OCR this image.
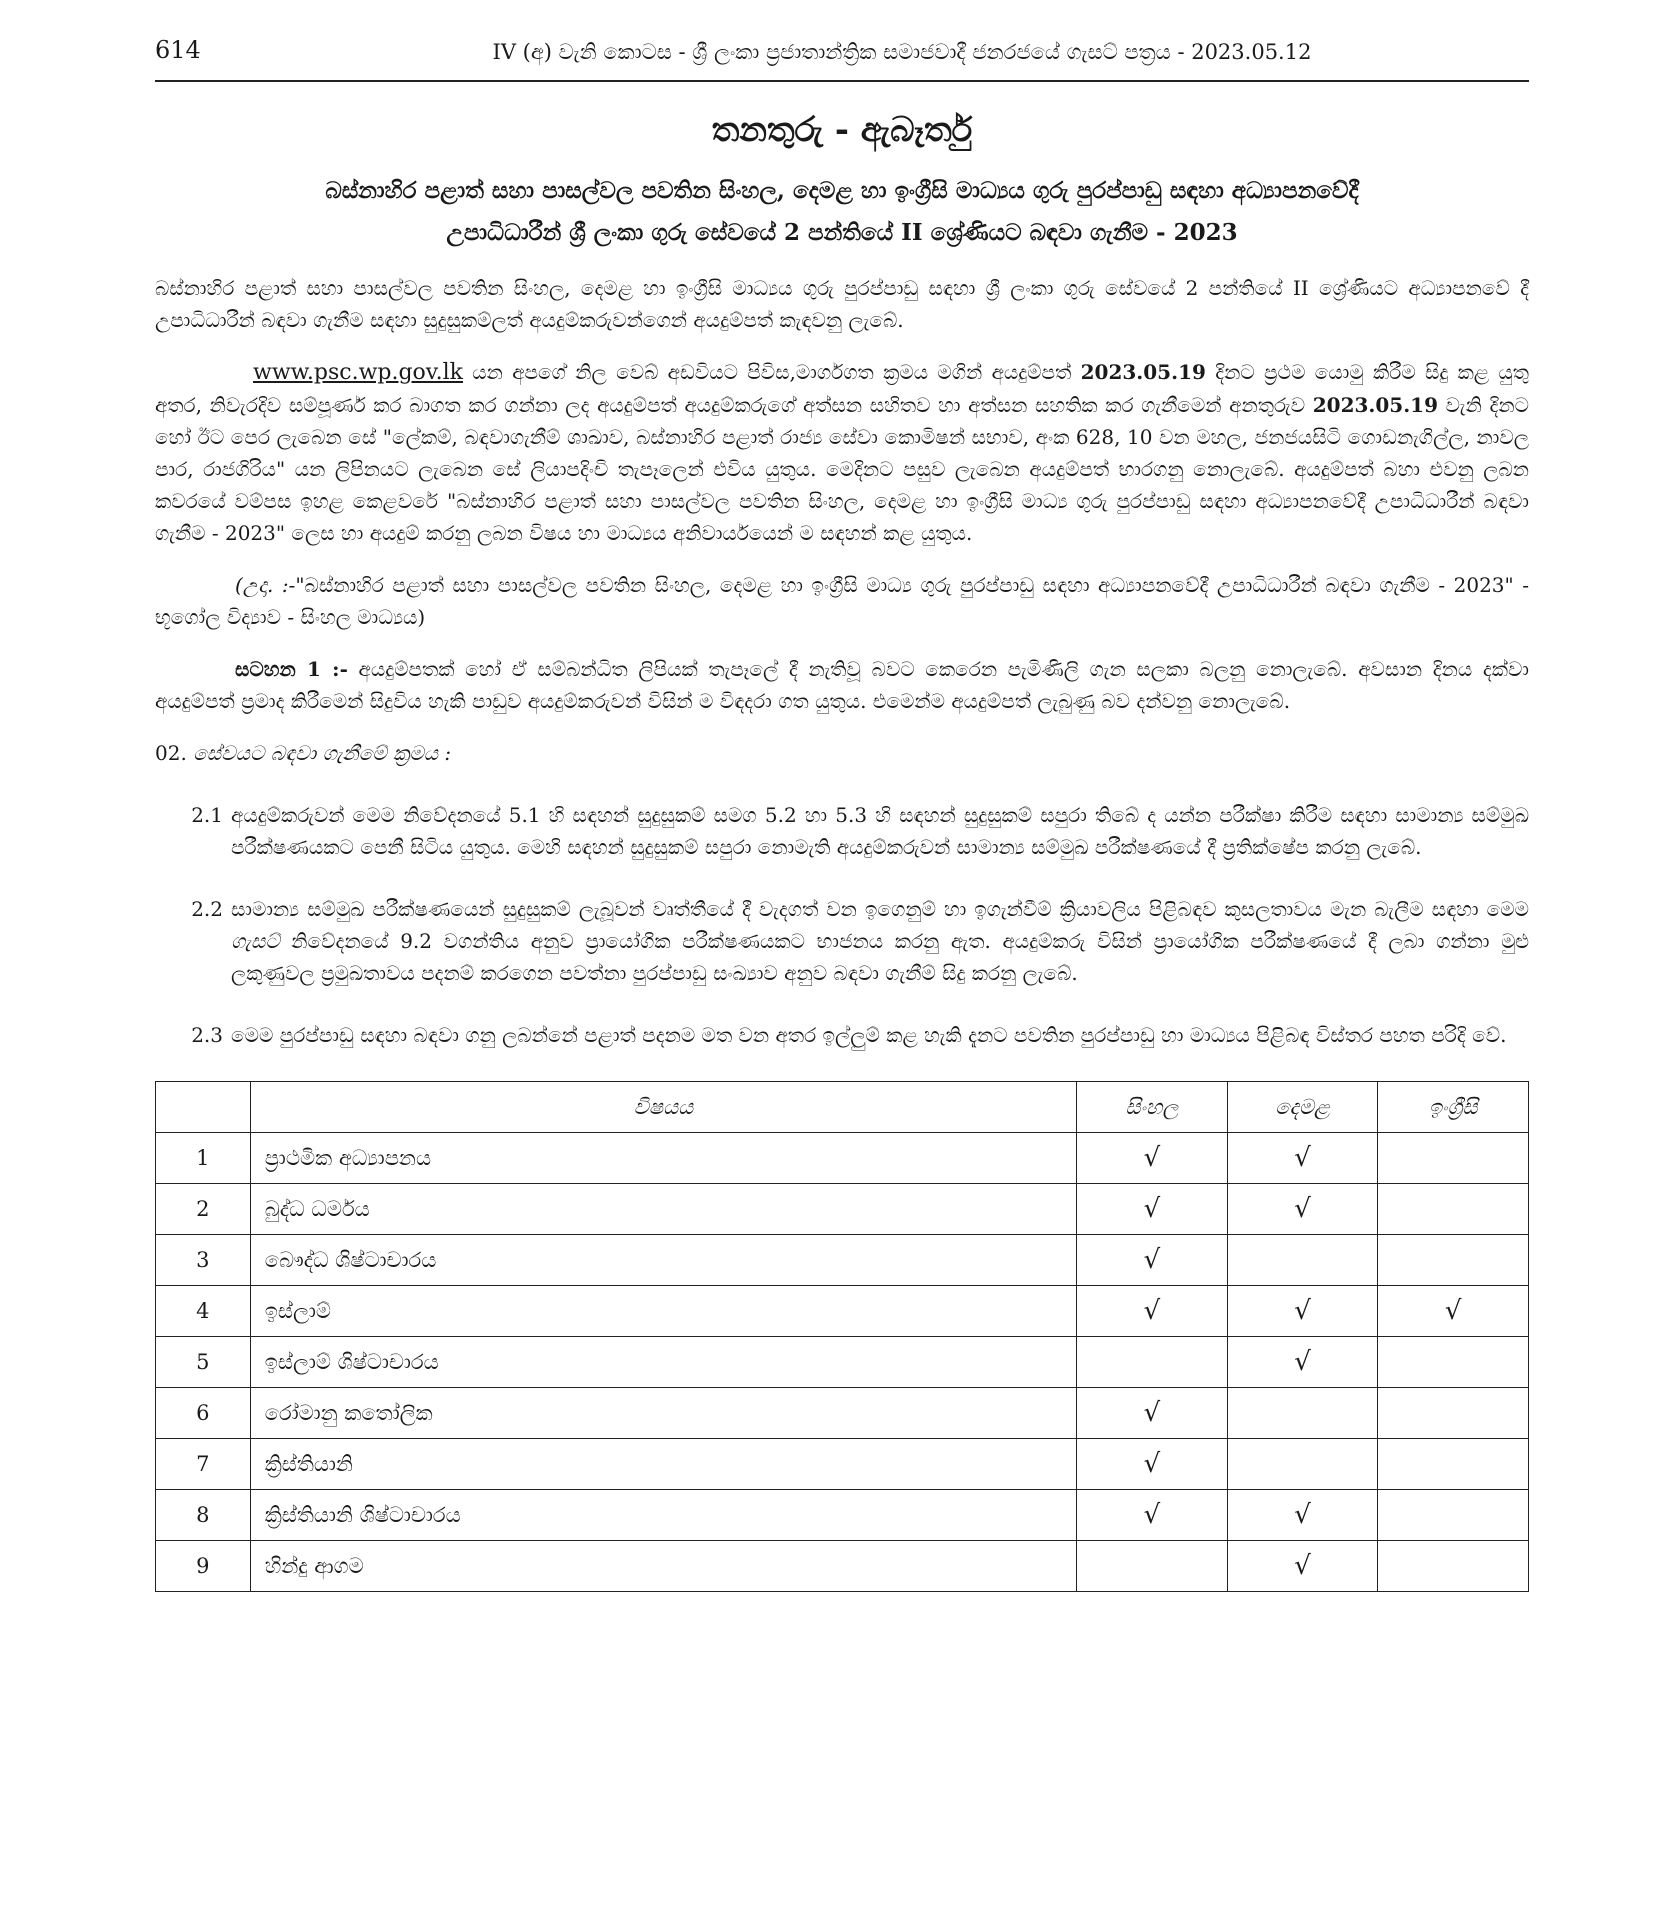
614	IV (අ) වැනි කොටස - ශ්‍රී ලංකා ප්‍රජාතාන්ත්‍රික සමාජවාදී ජනරජයේ ගැසට් පත්‍රය - 2023.05.12
තනතුරු - ඇබෑර්තු
බස්නාහිර පළාත් සහා පාසල්වල පවතින සිංහල, දෙමළ හා ඉංග්‍රීසි මාධ්‍යය ගුරු පුරප්පාඩු සඳහා අධ්‍යාපනවේදී
උපාධිධාරීන් ශ්‍රී ලංකා ගුරු සේවයේ 2 පන්තියේ II ශ්‍රේණියට බඳවා ගැනීම - 2023

බස්නාහිර පළාත් සහා පාසල්වල පවතින සිංහල, දෙමළ හා ඉංග්‍රීසි මාධ්‍යය ගුරු පුරප්පාඩු සඳහා ශ්‍රී ලංකා ගුරු සේවයේ 2 පන්තියේ II ශ්‍රේණියට අධ්‍යාපනවේ දී උපාධිධාරීන් බඳවා ගැනීම සඳහා සුදුසුකම්ලත් අයදුම්කරුවන්ගෙන් අයදුම්පත් කැඳවනු ලැබේ.

www.psc.wp.gov.lk යන අපගේ නිල වෙබ් අඩවියට පිවිස,මාර්ගගත ක්‍රමය මගින් අයදුම්පත් 2023.05.19 දිනට ප්‍රථම යොමු කිරීම සිදු කළ යුතු අතර, නිවැරදිව සම්පූර්ණ කර බාගත කර ගන්නා ලද අයදුම්පත් අයදුම්කරුගේ අත්සන සහිතව හා අත්සන සහතික කර ගැනීමෙන් අනතුරුව 2023.05.19 වැනි දිනට හෝ ඊට පෙර ලැබෙන සේ "ලේකම්, බඳවාගැනීම් ශාඛාව, බස්නාහිර පළාත් රාජ්‍ය සේවා කොමිෂන් සභාව, අංක 628, 10 වන මහල, ජනජයසිටි ගොඩනැගිල්ල, නාවල පාර, රාජගිරිය" යන ලිපිනයට ලැබෙන සේ ලියාපදිංචි තැපෑලෙන් එවිය යුතුය. මෙදිනට පසුව ලැබෙන අයදුම්පත් භාරගනු නොලැබේ. අයදුම්පත් බහා එවනු ලබන කවරයේ වම්පස ඉහළ කෙළවරේ "බස්නාහිර පළාත් සහා පාසල්වල පවතින සිංහල, දෙමළ හා ඉංග්‍රීසි මාධ්‍ය ගුරු පුරප්පාඩු සඳහා අධ්‍යාපනවේදී උපාධිධාරීන් බඳවා ගැනීම - 2023" ලෙස හා අයදුම් කරනු ලබන විෂය හා මාධ්‍යය අනිවාර්යයෙන් ම සඳහන් කළ යුතුය.

(උදා. :-"බස්නාහිර පළාත් සහා පාසල්වල පවතින සිංහල, දෙමළ හා ඉංග්‍රීසි මාධ්‍ය ගුරු පුරප්පාඩු සඳහා අධ්‍යාපනවේදී උපාධිධාරීන් බඳවා ගැනීම - 2023" - භූගෝල විද්‍යාව - සිංහල මාධ්‍යය)

සටහන 1 :- අයදුම්පතක් හෝ ඒ සම්බන්ධිත ලිපියක් තැපෑලේ දී නැතිවූ බවට කෙරෙන පැමිණිලි ගැන සලකා බලනු නොලැබේ. අවසාන දිනය දක්වා අයදුම්පත් ප්‍රමාද කිරීමෙන් සිදුවිය හැකි පාඩුව අයදුම්කරුවන් විසින් ම විඳදරා ගත යුතුය. එමෙන්ම අයදුම්පත් ලැබුණු බව දන්වනු නොලැබේ.

02. සේවයට බඳවා ගැනීමේ ක්‍රමය :

2.1 අයදුම්කරුවන් මෙම නිවේදනයේ 5.1 හි සඳහන් සුදුසුකම් සමග 5.2 හා 5.3 හි සඳහන් සුදුසුකම් සපුරා තිබේ ද යන්න පරීක්ෂා කිරීම සඳහා සාමාන්‍ය සම්මුඛ පරීක්ෂණයකට පෙනී සිටිය යුතුය. මෙහි සඳහන් සුදුසුකම් සපුරා නොමැති අයදුම්කරුවන් සාමාන්‍ය සම්මුඛ පරීක්ෂණයේ දී ප්‍රතික්ෂේප කරනු ලැබේ.

2.2 සාමාන්‍ය සම්මුඛ පරීක්ෂණයෙන් සුදුසුකම් ලැබූවන් වෘත්තීයේ දී වැදගත් වන ඉගෙනුම් හා ඉගැන්වීම් ක්‍රියාවලිය පිළිබඳව කුසලතාවය මැන බැලීම සඳහා මෙම ගැසට් නිවේදනයේ 9.2 වගන්තිය අනුව ප්‍රායෝගික පරීක්ෂණයකට භාජනය කරනු ඇත. අයදුම්කරු විසින් ප්‍රායෝගික පරීක්ෂණයේ දී ලබා ගන්නා මුළු ලකුණුවල ප්‍රමුඛතාවය පදනම් කරගෙන පවත්නා පුරප්පාඩු සංඛ්‍යාව අනුව බඳවා ගැනීම් සිදු කරනු ලැබේ.

2.3 මෙම පුරප්පාඩු සඳහා බඳවා ගනු ලබන්නේ පළාත් පදනම මත වන අතර ඉල්ලුම් කළ හැකි දැනට පවතින පුරප්පාඩු හා මාධ්‍යය පිළිබඳ විස්තර පහත පරිදි වේ.

	විෂයය	සිංහල	දෙමළ	ඉංග්‍රීසි
1	ප්‍රාථමික අධ්‍යාපනය	√	√	
2	බුද්ධ ධර්මය	√	√	
3	බෞද්ධ ශිෂ්ටාචාරය	√		
4	ඉස්ලාම්	√	√	√
5	ඉස්ලාම් ශිෂ්ටාචාරය		√	
6	රෝමානු කතෝලික	√		
7	ක්‍රිස්තියානි	√		
8	ක්‍රිස්තියානි ශිෂ්ටාචාරය	√	√	
9	හින්දු ආගම		√	
